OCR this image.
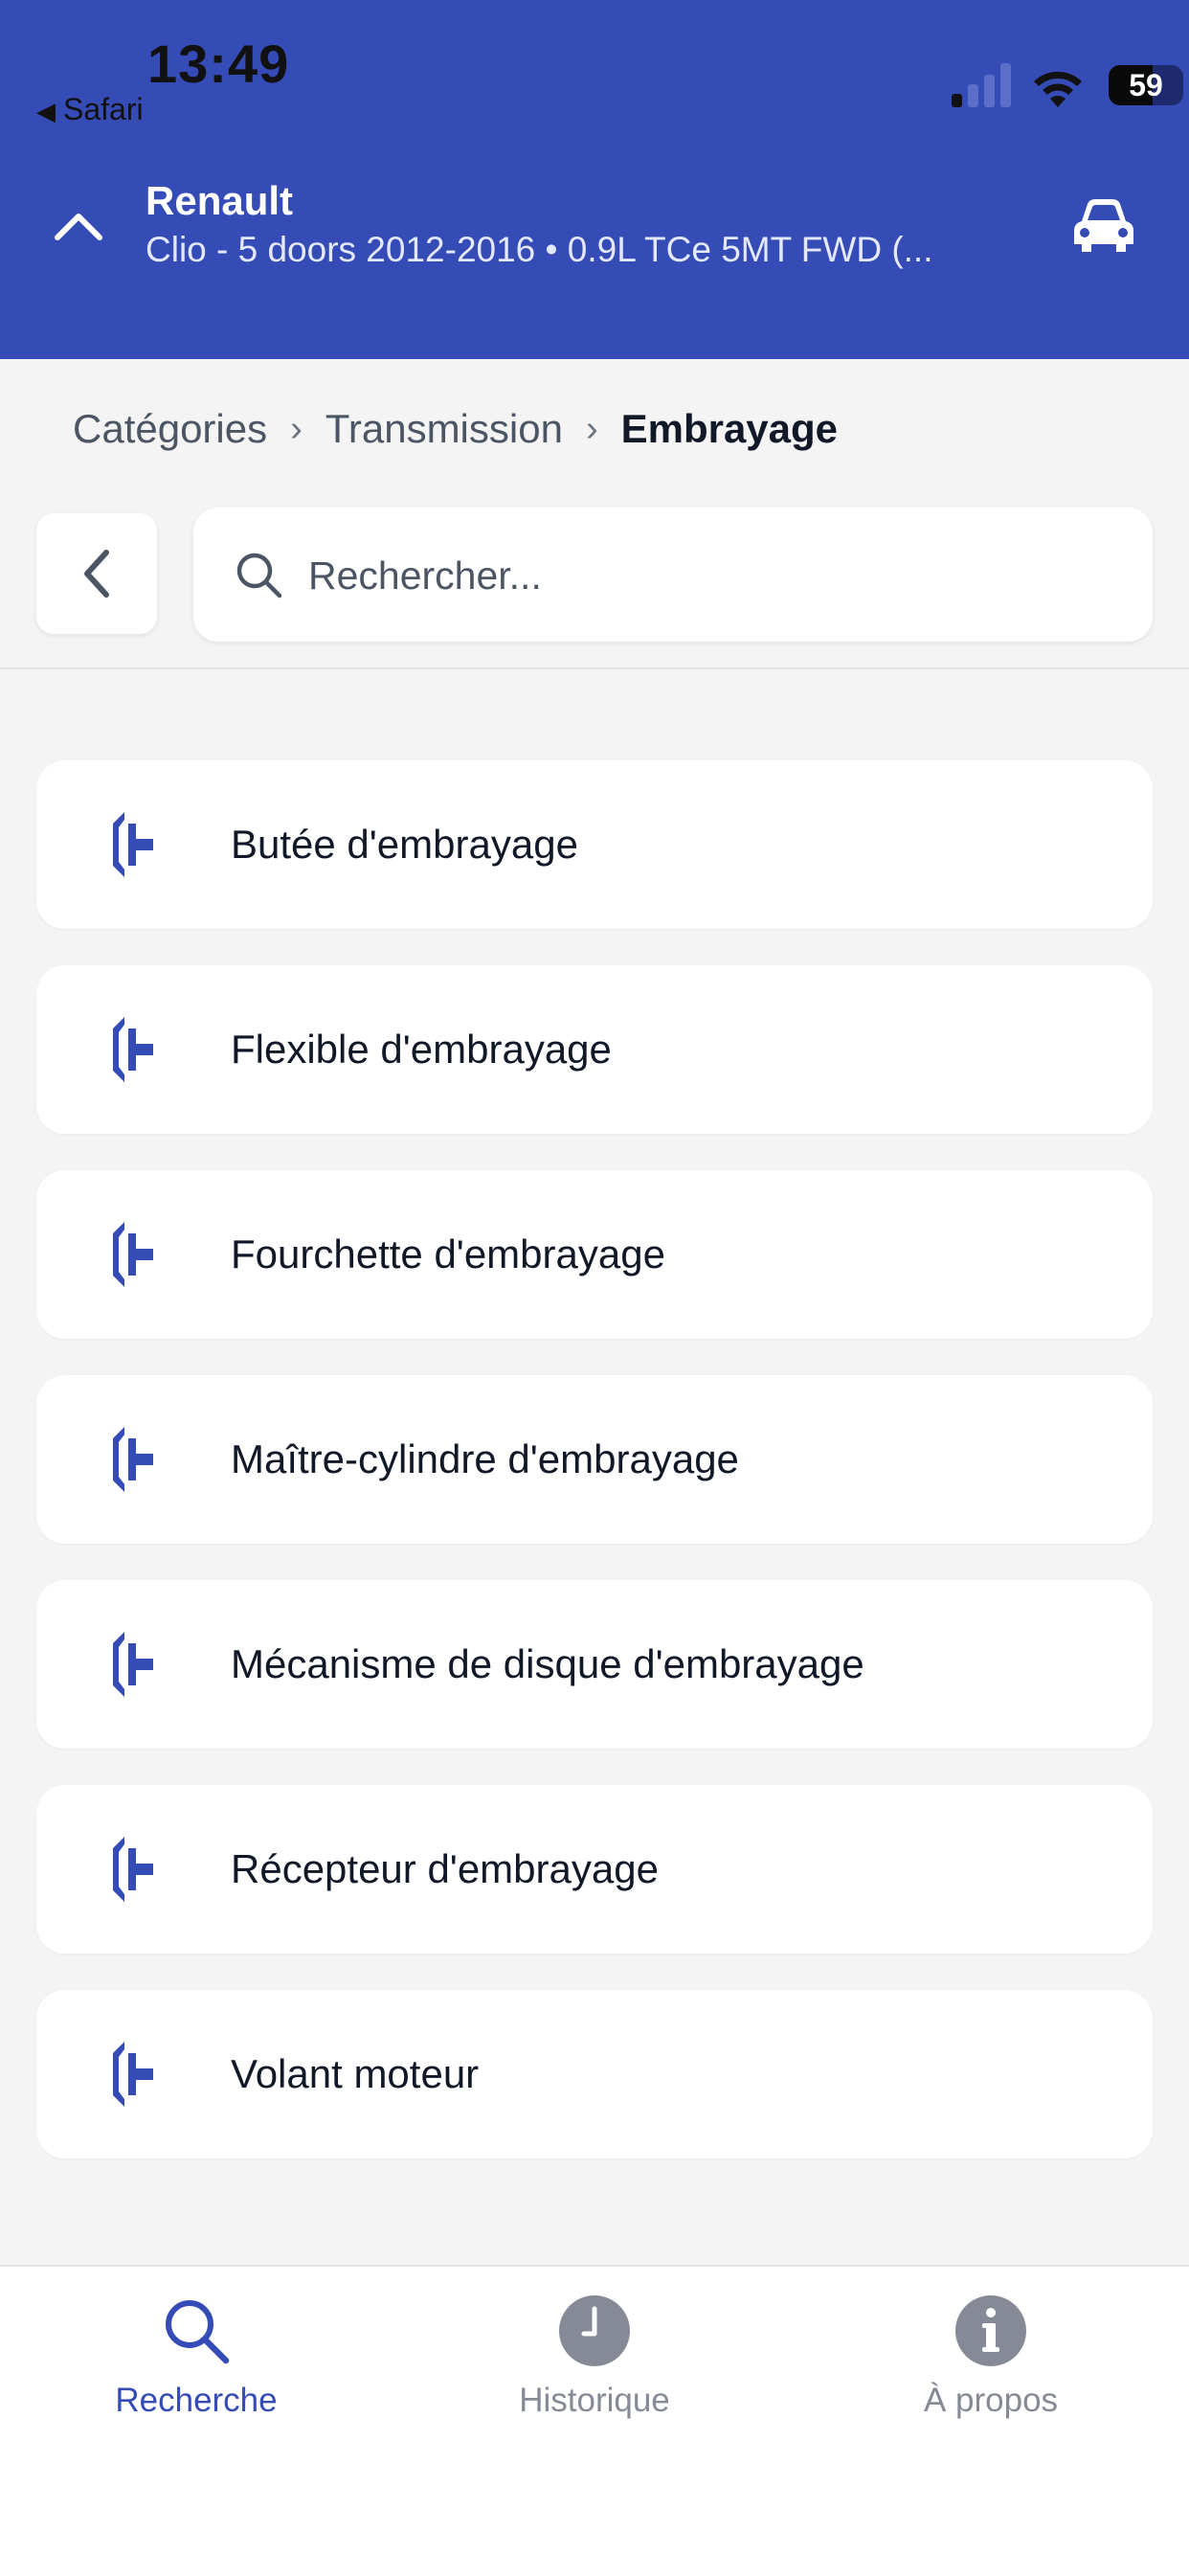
13:49
◀ Safari
59
Renault
Clio - 5 doors 2012-2016 • 0.9L TCe 5MT FWD (...
Catégories › Transmission › Embrayage
Rechercher...
Butée d'embrayage
Flexible d'embrayage
Fourchette d'embrayage
Maître-cylindre d'embrayage
Mécanisme de disque d'embrayage
Récepteur d'embrayage
Volant moteur
Recherche	Historique	À propos
